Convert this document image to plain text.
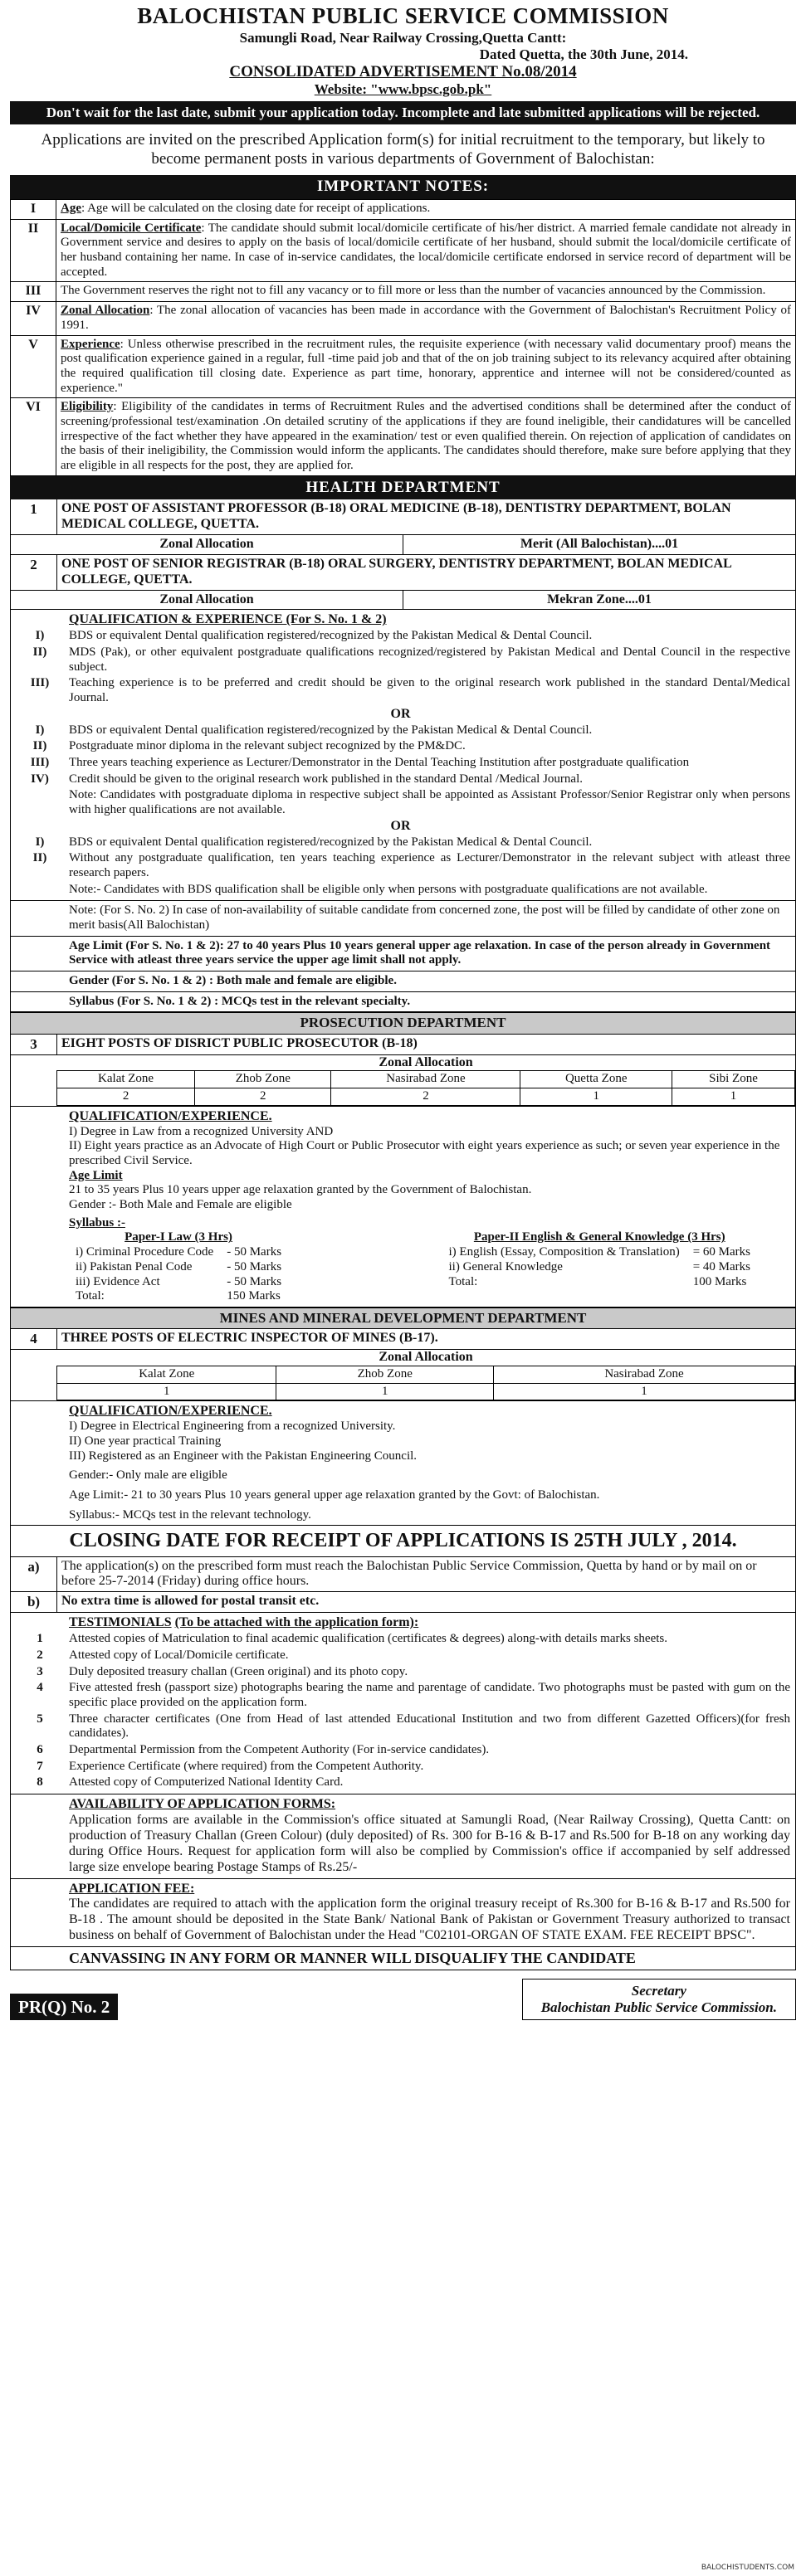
BALOCHISTAN PUBLIC SERVICE COMMISSION
Samungli Road, Near Railway Crossing,Quetta Cantt:
Dated Quetta, the 30th June, 2014.
CONSOLIDATED ADVERTISEMENT No.08/2014
Website: "www.bpsc.gob.pk"
Don't wait for the last date, submit your application today. Incomplete and late submitted applications will be rejected.
Applications are invited on the prescribed Application form(s) for initial recruitment to the temporary, but likely to become permanent posts in various departments of Government of Balochistan:
IMPORTANT NOTES:
I	Age: Age will be calculated on the closing date for receipt of applications.
II	Local/Domicile Certificate: The candidate should submit local/domicile certificate of his/her district. A married female candidate not already in Government service and desires to apply on the basis of local/domicile certificate of her husband, should submit the local/domicile certificate of her husband containing her name. In case of in-service candidates, the local/domicile certificate endorsed in service record of department will be accepted.
III	The Government reserves the right not to fill any vacancy or to fill more or less than the number of vacancies announced by the Commission.
IV	Zonal Allocation: The zonal allocation of vacancies has been made in accordance with the Government of Balochistan's Recruitment Policy of 1991.
V	Experience: Unless otherwise prescribed in the recruitment rules, the requisite experience (with necessary valid documentary proof) means the post qualification experience gained in a regular, full -time paid job and that of the on job training subject to its relevancy acquired after obtaining the required qualification till closing date. Experience as part time, honorary, apprentice and internee will not be considered/counted as experience."
VI	Eligibility: Eligibility of the candidates in terms of Recruitment Rules and the advertised conditions shall be determined after the conduct of screening/professional test/examination .On detailed scrutiny of the applications if they are found ineligible, their candidatures will be cancelled irrespective of the fact whether they have appeared in the examination/ test or even qualified therein. On rejection of application of candidates on the basis of their ineligibility, the Commission would inform the applicants. The candidates should therefore, make sure before applying that they are eligible in all respects for the post, they are applied for.
HEALTH DEPARTMENT
1	ONE POST OF ASSISTANT PROFESSOR (B-18) ORAL MEDICINE (B-18), DENTISTRY DEPARTMENT, BOLAN MEDICAL COLLEGE, QUETTA.
Zonal Allocation	Merit (All Balochistan)....01
2	ONE POST OF SENIOR REGISTRAR (B-18) ORAL SURGERY, DENTISTRY DEPARTMENT, BOLAN MEDICAL COLLEGE, QUETTA.
Zonal Allocation	Mekran Zone....01
QUALIFICATION & EXPERIENCE (For S. No. 1 & 2)
I)	BDS or equivalent Dental qualification registered/recognized by the Pakistan Medical & Dental Council.
II)	MDS (Pak), or other equivalent postgraduate qualifications recognized/registered by Pakistan Medical and Dental Council in the respective subject.
III)	Teaching experience is to be preferred and credit should be given to the original research work published in the standard Dental/Medical Journal.
OR
I)	BDS or equivalent Dental qualification registered/recognized by the Pakistan Medical & Dental Council.
II)	Postgraduate minor diploma in the relevant subject recognized by the PM&DC.
III)	Three years teaching experience as Lecturer/Demonstrator in the Dental Teaching Institution after postgraduate qualification
IV)	Credit should be given to the original research work published in the standard Dental /Medical Journal.
Note: Candidates with postgraduate diploma in respective subject shall be appointed as Assistant Professor/Senior Registrar only when persons with higher qualifications are not available.
OR
I)	BDS or equivalent Dental qualification registered/recognized by the Pakistan Medical & Dental Council.
II)	Without any postgraduate qualification, ten years teaching experience as Lecturer/Demonstrator in the relevant subject with atleast three research papers.
Note:- Candidates with BDS qualification shall be eligible only when persons with postgraduate qualifications are not available.
Note: (For S. No. 2) In case of non-availability of suitable candidate from concerned zone, the post will be filled by candidate of other zone on merit basis(All Balochistan)
Age Limit (For S. No. 1 & 2): 27 to 40 years Plus 10 years general upper age relaxation. In case of the person already in Government Service with atleast three years service the upper age limit shall not apply.
Gender (For S. No. 1 & 2) : Both male and female are eligible.
Syllabus (For S. No. 1 & 2) : MCQs test in the relevant specialty.
PROSECUTION DEPARTMENT
3	EIGHT POSTS OF DISRICT PUBLIC PROSECUTOR (B-18)
Zonal Allocation
Kalat Zone	Zhob Zone	Nasirabad Zone	Quetta Zone	Sibi Zone
2	2	2	1	1
QUALIFICATION/EXPERIENCE.
I) Degree in Law from a recognized University AND
II) Eight years practice as an Advocate of High Court or Public Prosecutor with eight years experience as such; or seven year experience in the prescribed Civil Service.
Age Limit
21 to 35 years Plus 10 years upper age relaxation granted by the Government of Balochistan.
Gender :- Both Male and Female are eligible
Syllabus :-
Paper-I Law (3 Hrs)
i) Criminal Procedure Code	- 50 Marks
ii) Pakistan Penal Code	- 50 Marks
iii) Evidence Act	- 50 Marks
Total:	150 Marks
Paper-II English & General Knowledge (3 Hrs)
i) English (Essay, Composition & Translation)	= 60 Marks
ii) General Knowledge	= 40 Marks
Total:	100 Marks
MINES AND MINERAL DEVELOPMENT DEPARTMENT
4	THREE POSTS OF ELECTRIC INSPECTOR OF MINES (B-17).
Zonal Allocation
Kalat Zone	Zhob Zone	Nasirabad Zone
1	1	1
QUALIFICATION/EXPERIENCE.
I) Degree in Electrical Engineering from a recognized University.
II) One year practical Training
III) Registered as an Engineer with the Pakistan Engineering Council.
Gender:- Only male are eligible
Age Limit:- 21 to 30 years Plus 10 years general upper age relaxation granted by the Govt: of Balochistan.
Syllabus:- MCQs test in the relevant technology.
CLOSING DATE FOR RECEIPT OF APPLICATIONS IS 25TH JULY , 2014.
a)	The application(s) on the prescribed form must reach the Balochistan Public Service Commission, Quetta by hand or by mail on or before 25-7-2014 (Friday) during office hours.
b)	No extra time is allowed for postal transit etc.
TESTIMONIALS (To be attached with the application form):
1	Attested copies of Matriculation to final academic qualification (certificates & degrees) along-with details marks sheets.
2	Attested copy of Local/Domicile certificate.
3	Duly deposited treasury challan (Green original) and its photo copy.
4	Five attested fresh (passport size) photographs bearing the name and parentage of candidate. Two photographs must be pasted with gum on the specific place provided on the application form.
5	Three character certificates (One from Head of last attended Educational Institution and two from different Gazetted Officers)(for fresh candidates).
6	Departmental Permission from the Competent Authority (For in-service candidates).
7	Experience Certificate (where required) from the Competent Authority.
8	Attested copy of Computerized National Identity Card.
AVAILABILITY OF APPLICATION FORMS:
Application forms are available in the Commission's office situated at Samungli Road, (Near Railway Crossing), Quetta Cantt: on production of Treasury Challan (Green Colour) (duly deposited) of Rs. 300 for B-16 & B-17 and Rs.500 for B-18 on any working day during Office Hours. Request for application form will also be complied by Commission's office if accompanied by self addressed large size envelope bearing Postage Stamps of Rs.25/-
APPLICATION FEE:
The candidates are required to attach with the application form the original treasury receipt of Rs.300 for B-16 & B-17 and Rs.500 for B-18 . The amount should be deposited in the State Bank/ National Bank of Pakistan or Government Treasury authorized to transact business on behalf of Government of Balochistan under the Head "C02101-ORGAN OF STATE EXAM. FEE RECEIPT BPSC".
CANVASSING IN ANY FORM OR MANNER WILL DISQUALIFY THE CANDIDATE
PR(Q) No. 2
Secretary
Balochistan Public Service Commission.
BALOCHISTUDENTS.COM
